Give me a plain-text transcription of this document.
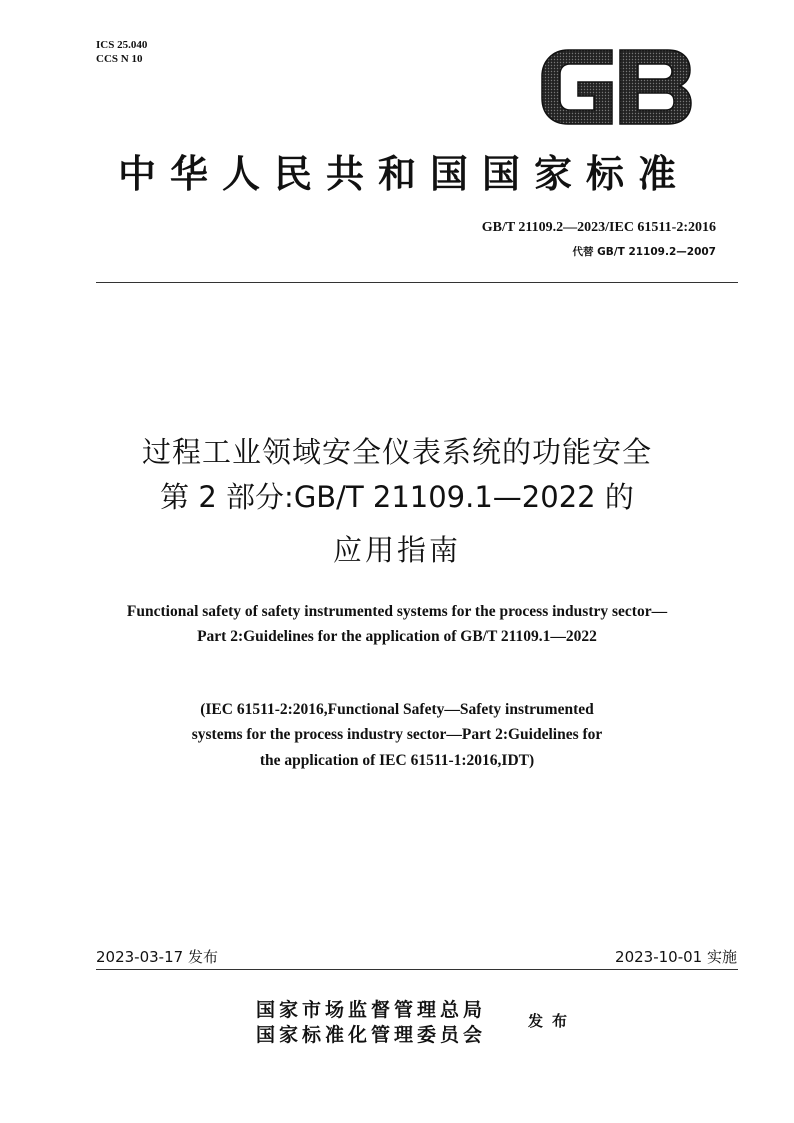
ICS 25.040
CCS N 10
中华人民共和国国家标准
GB/T 21109.2—2023/IEC 61511-2:2016
代替 GB/T 21109.2—2007
过程工业领域安全仪表系统的功能安全
第 2 部分:GB/T 21109.1—2022 的
应用指南
Functional safety of safety instrumented systems for the process industry sector—
Part 2:Guidelines for the application of GB/T 21109.1—2022
(IEC 61511-2:2016,Functional Safety—Safety instrumented
systems for the process industry sector—Part 2:Guidelines for
the application of IEC 61511-1:2016,IDT)
2023-03-17 发布	2023-10-01 实施
国家市场监督管理总局
国家标准化管理委员会
发布
